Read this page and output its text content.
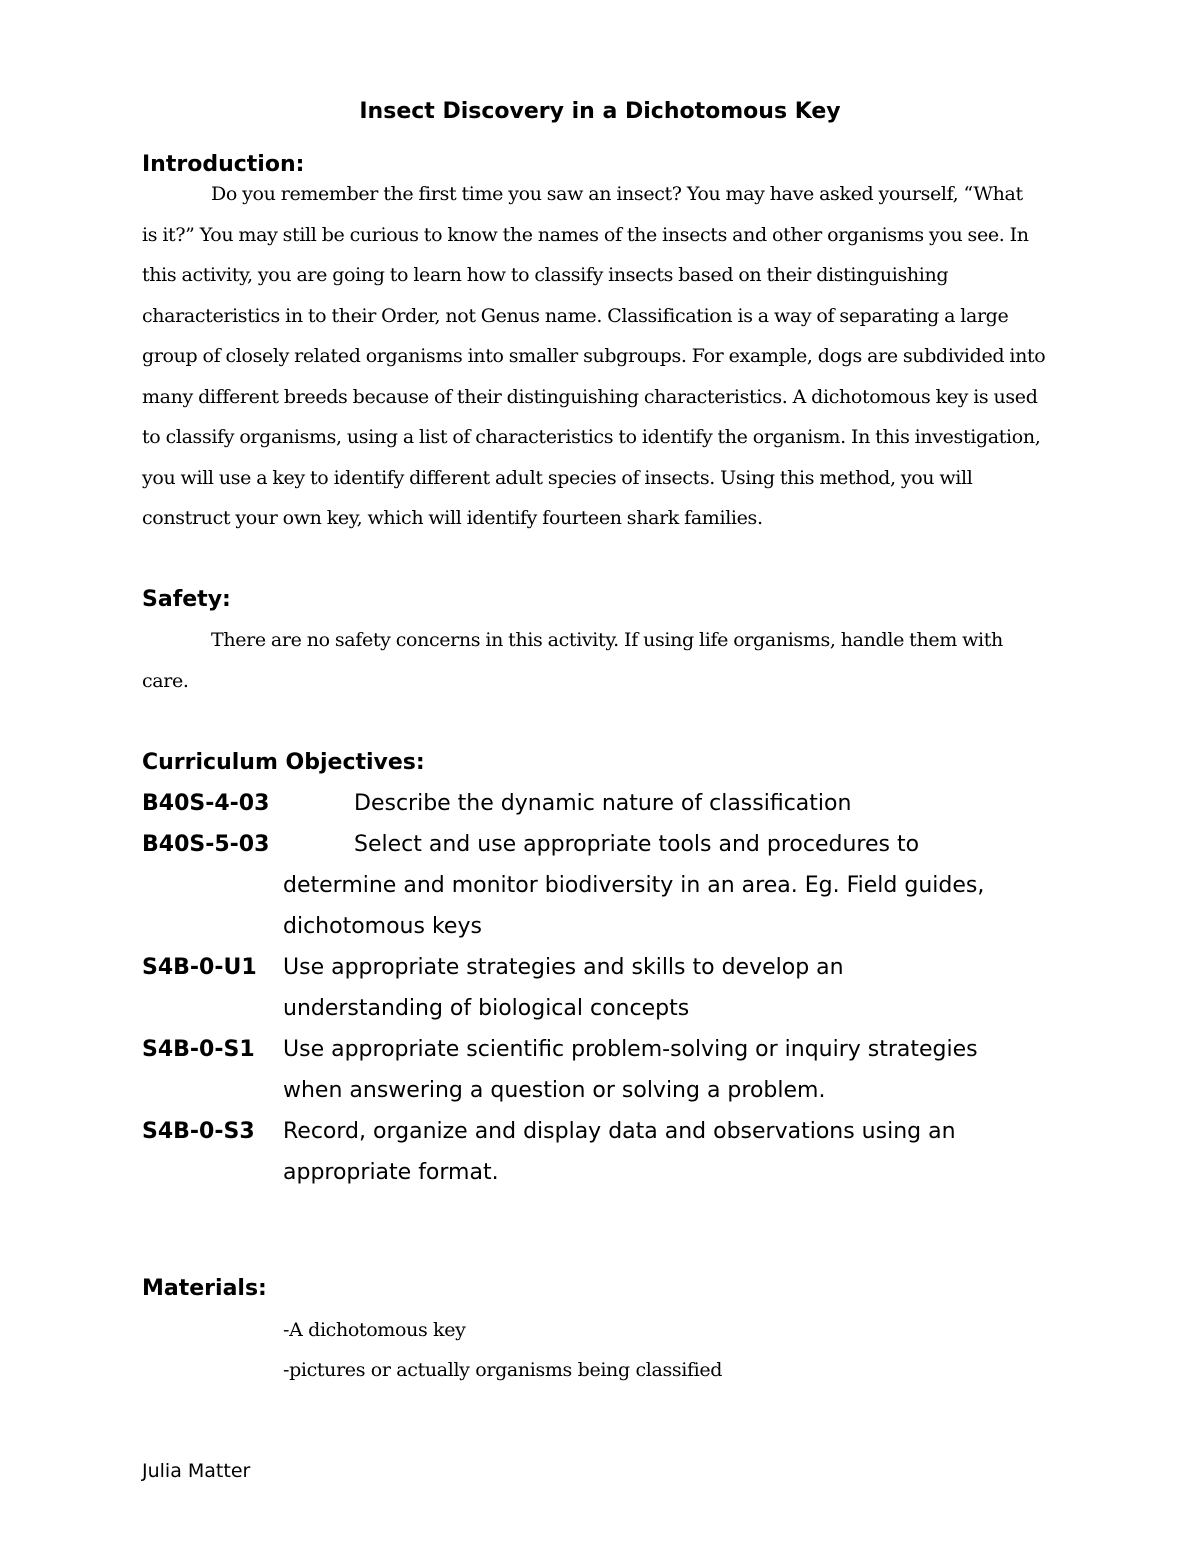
Insect Discovery in a Dichotomous Key
Introduction:
Do you remember the first time you saw an insect? You may have asked yourself, “What
is it?” You may still be curious to know the names of the insects and other organisms you see. In
this activity, you are going to learn how to classify insects based on their distinguishing
characteristics in to their Order, not Genus name. Classification is a way of separating a large
group of closely related organisms into smaller subgroups. For example, dogs are subdivided into
many different breeds because of their distinguishing characteristics. A dichotomous key is used
to classify organisms, using a list of characteristics to identify the organism. In this investigation,
you will use a key to identify different adult species of insects. Using this method, you will
construct your own key, which will identify fourteen shark families.
Safety:
There are no safety concerns in this activity. If using life organisms, handle them with
care.
Curriculum Objectives:
B40S-4-03	Describe the dynamic nature of classification
B40S-5-03	Select and use appropriate tools and procedures to
determine and monitor biodiversity in an area. Eg. Field guides,
dichotomous keys
S4B-0-U1 Use appropriate strategies and skills to develop an
understanding of biological concepts
S4B-0-S1 Use appropriate scientific problem-solving or inquiry strategies
when answering a question or solving a problem.
S4B-0-S3 Record, organize and display data and observations using an
appropriate format.
Materials:
-A dichotomous key
-pictures or actually organisms being classified
Julia Matter
